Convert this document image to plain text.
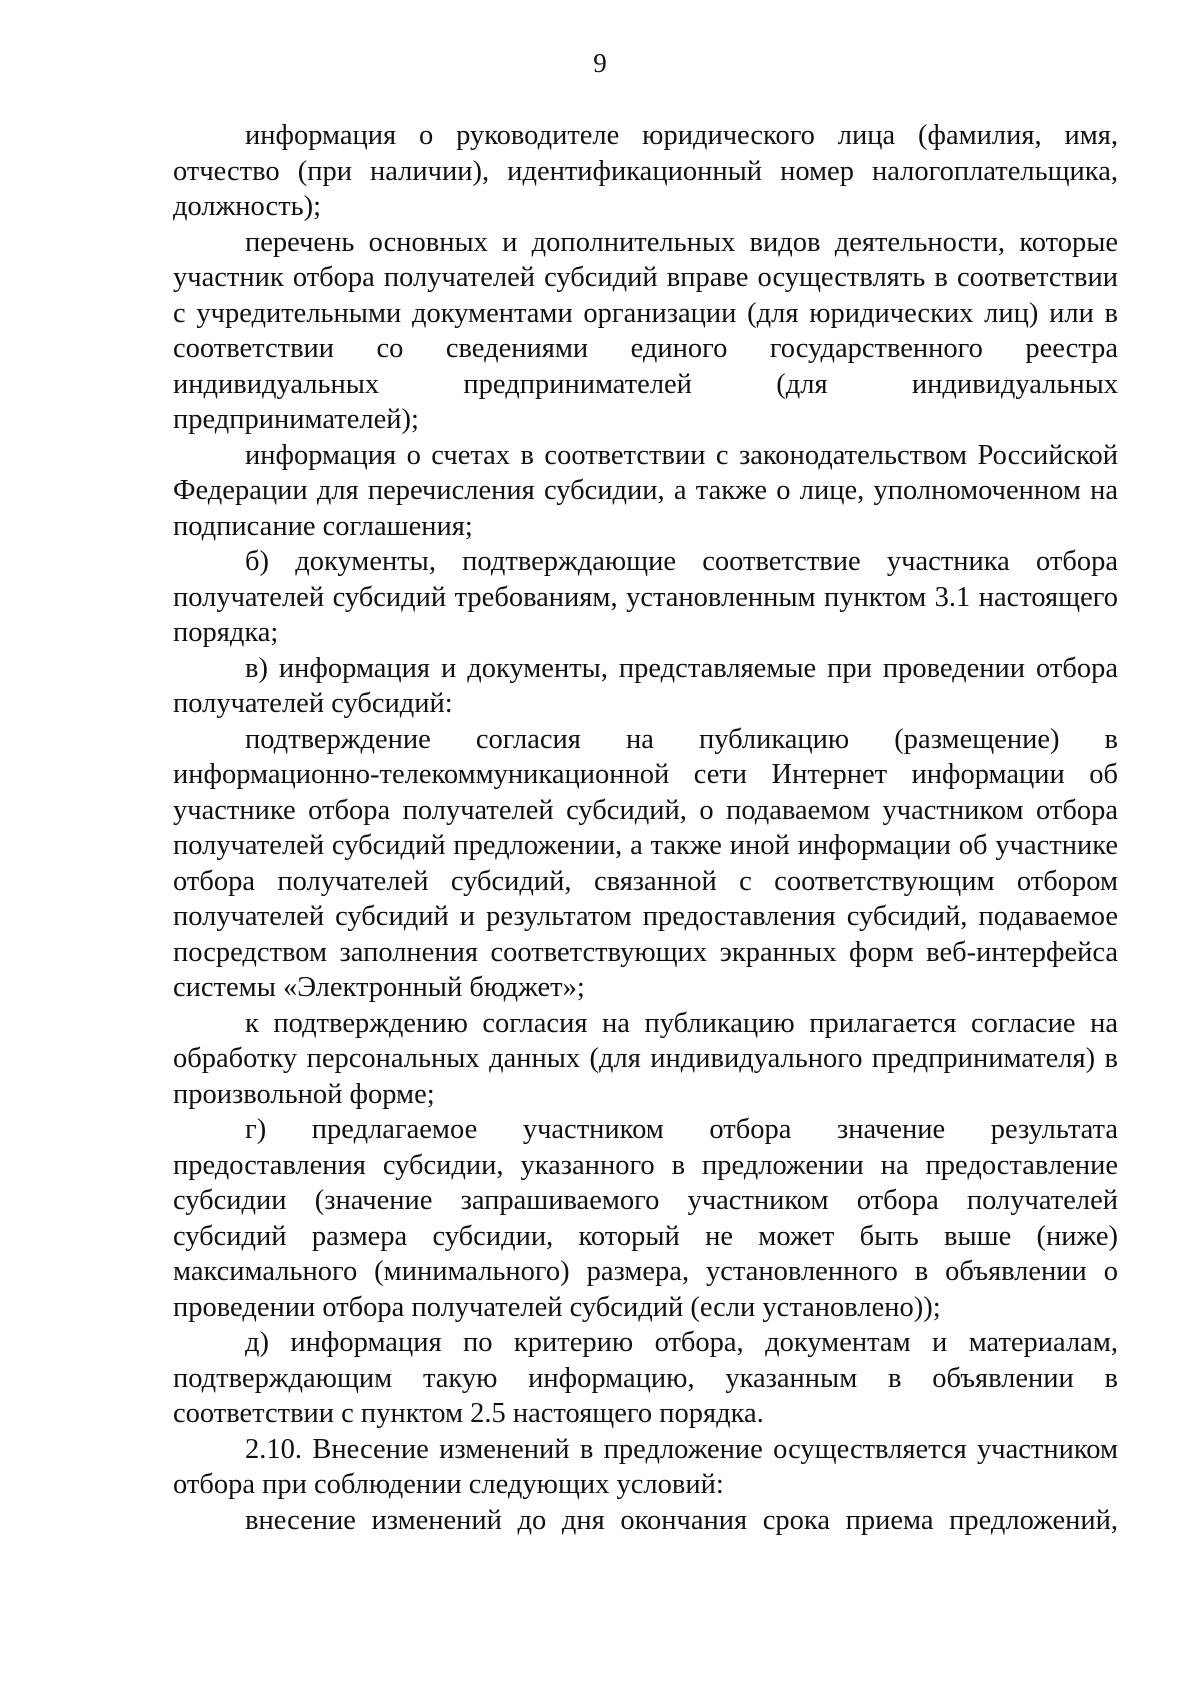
9

информация о руководителе юридического лица (фамилия, имя, отчество (при наличии), идентификационный номер налогоплательщика, должность);

перечень основных и дополнительных видов деятельности, которые участник отбора получателей субсидий вправе осуществлять в соответствии с учредительными документами организации (для юридических лиц) или в соответствии со сведениями единого государственного реестра индивидуальных предпринимателей (для индивидуальных предпринимателей);

информация о счетах в соответствии с законодательством Российской Федерации для перечисления субсидии, а также о лице, уполномоченном на подписание соглашения;

б) документы, подтверждающие соответствие участника отбора получателей субсидий требованиям, установленным пунктом 3.1 настоящего порядка;

в) информация и документы, представляемые при проведении отбора получателей субсидий:

подтверждение согласия на публикацию (размещение) в информационно-телекоммуникационной сети Интернет информации об участнике отбора получателей субсидий, о подаваемом участником отбора получателей субсидий предложении, а также иной информации об участнике отбора получателей субсидий, связанной с соответствующим отбором получателей субсидий и результатом предоставления субсидий, подаваемое посредством заполнения соответствующих экранных форм веб-интерфейса системы «Электронный бюджет»;

к подтверждению согласия на публикацию прилагается согласие на обработку персональных данных (для индивидуального предпринимателя) в произвольной форме;

г) предлагаемое участником отбора значение результата предоставления субсидии, указанного в предложении на предоставление субсидии (значение запрашиваемого участником отбора получателей субсидий размера субсидии, который не может быть выше (ниже) максимального (минимального) размера, установленного в объявлении о проведении отбора получателей субсидий (если установлено));

д) информация по критерию отбора, документам и материалам, подтверждающим такую информацию, указанным в объявлении в соответствии с пунктом 2.5 настоящего порядка.

2.10. Внесение изменений в предложение осуществляется участником отбора при соблюдении следующих условий:

внесение изменений до дня окончания срока приема предложений,
